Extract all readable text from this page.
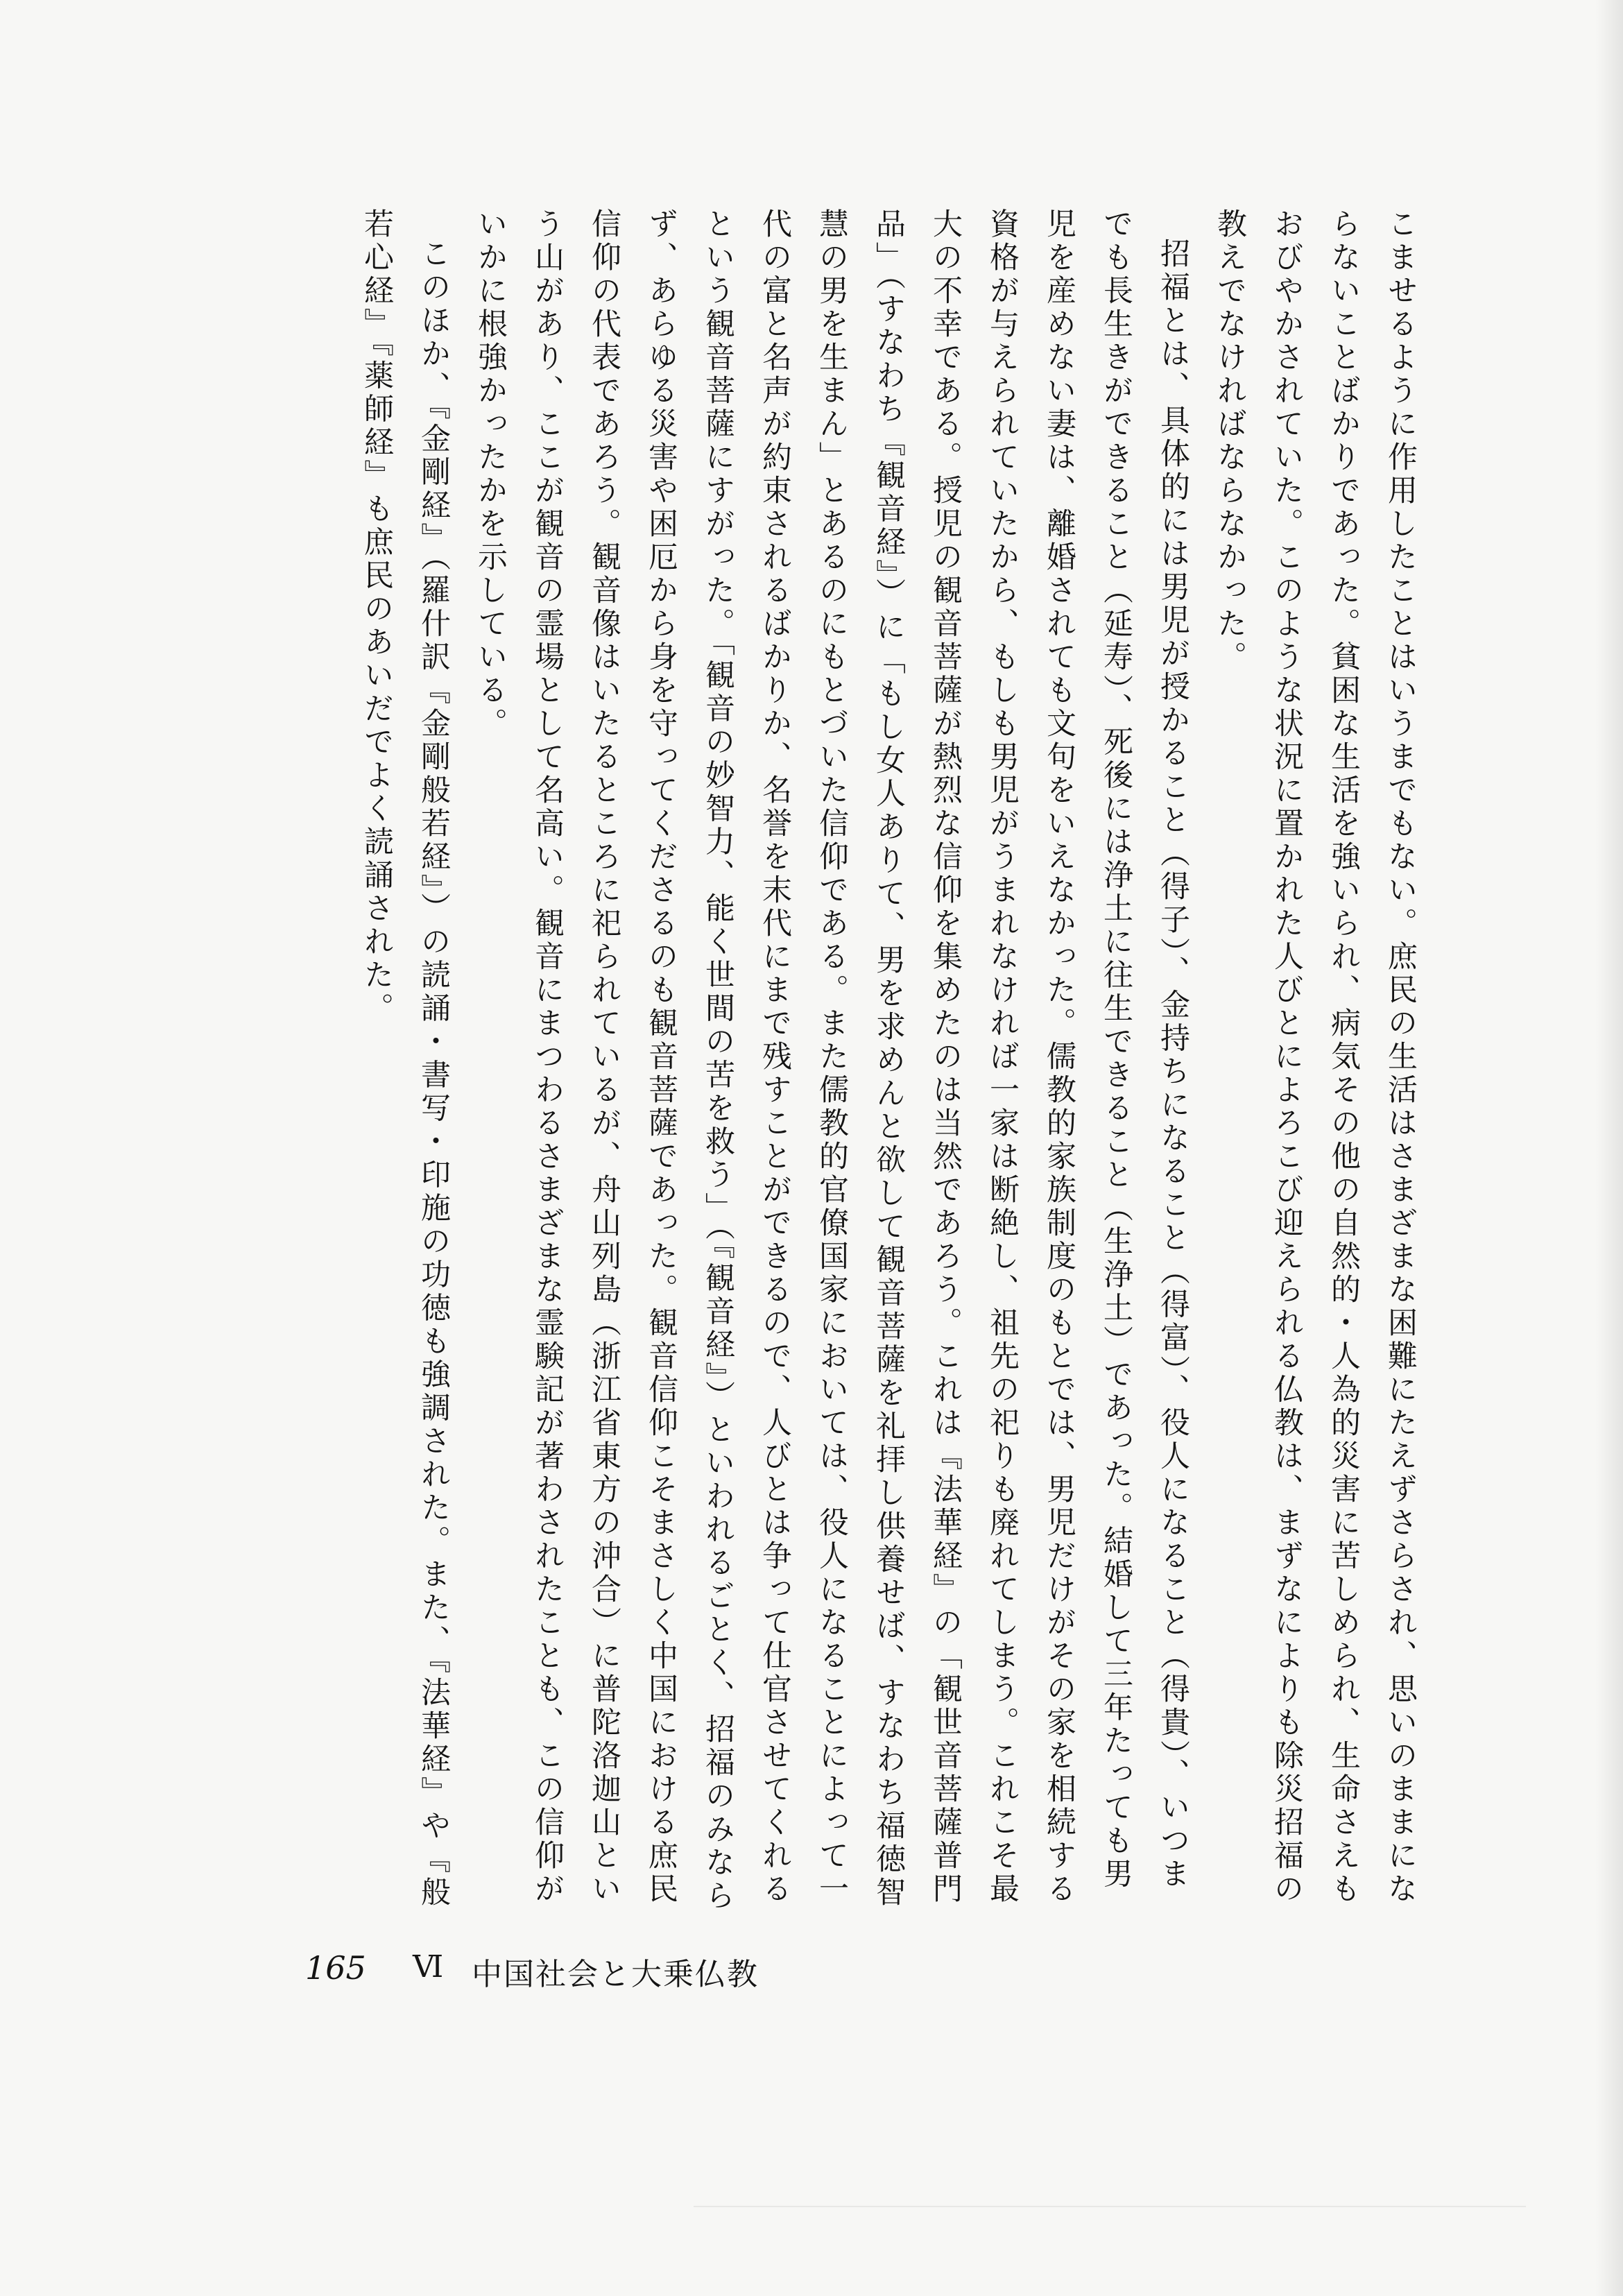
こませるように作用したことはいうまでもない。庶民の生活はさまざまな困難にたえずさらされ、思いのままにならないことばかりであった。貧困な生活を強いられ、病気その他の自然的・人為的災害に苦しめられ、生命さえもおびやかされていた。このような状況に置かれた人びとによろこび迎えられる仏教は、まずなによりも除災招福の教えでなければならなかった。

招福とは、具体的には男児が授かること（得子）、金持ちになること（得富）、役人になること（得貴）、いつまでも長生きができること（延寿）、死後には浄土に往生できること（生浄土）であった。結婚して三年たっても男児を産めない妻は、離婚されても文句をいえなかった。儒教的家族制度のもとでは、男児だけがその家を相続する資格が与えられていたから、もしも男児がうまれなければ一家は断絶し、祖先の祀りも廃れてしまう。これこそ最大の不幸である。授児の観音菩薩が熱烈な信仰を集めたのは当然であろう。これは『法華経』の「観世音菩薩普門品」（すなわち『観音経』）に「もし女人ありて、男を求めんと欲して観音菩薩を礼拝し供養せば、すなわち福徳智慧の男を生まん」とあるのにもとづいた信仰である。また儒教的官僚国家においては、役人になることによって一代の富と名声が約束されるばかりか、名誉を末代にまで残すことができるので、人びとは争って仕官させてくれるという観音菩薩にすがった。「観音の妙智力、能く世間の苦を救う」（『観音経』）といわれるごとく、招福のみならず、あらゆる災害や困厄から身を守ってくださるのも観音菩薩であった。観音信仰こそまさしく中国における庶民信仰の代表であろう。観音像はいたるところに祀られているが、舟山列島（浙江省東方の沖合）に普陀洛迦山という山があり、ここが観音の霊場として名高い。観音にまつわるさまざまな霊験記が著わされたことも、この信仰がいかに根強かったかを示している。

このほか、『金剛経』（羅什訳『金剛般若経』）の読誦・書写・印施の功徳も強調された。また、『法華経』や『般若心経』『薬師経』も庶民のあいだでよく読誦された。

165 Ⅵ 中国社会と大乗仏教
